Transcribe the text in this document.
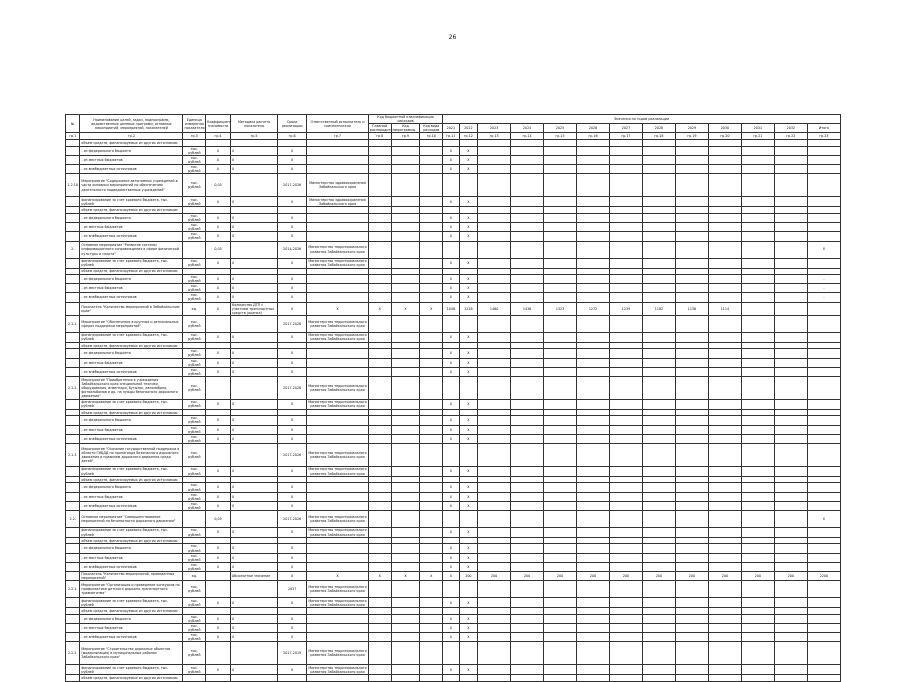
26
№	Наименование целей, задач, подпрограмм, ведомственных целевых программ, основных мероприятий, мероприятий, показателей	Единица измерения показателя	Коэффициент значимости	Методика расчета показателя	Сроки реализации	Ответственный исполнитель и соисполнители	Код бюджетной классификации расходов			Значения по годам реализации												
							Главный распорядитель	Код программы	Код вида расходов	2021	2022	2023	2024	2025	2026	2027	2028	2029	2030	2031	2032	Итого
гр.1	гр.2	гр.3	гр.4	гр.5	гр.6	гр.7	гр.8	гр.9	гр.10	гр.11	гр.12	гр.13	гр.14	гр.15	гр.16	гр.17	гр.18	гр.19	гр.20	гр.21	гр.22	гр.23
	объем средств, финансируемых из других источников:																					
	- из федерального бюджета	тыс. рублей	Х	Х	Х					Х	Х											
	- из местных бюджетов	тыс. рублей	Х	Х	Х					Х	Х											
	- из внебюджетных источников	тыс. рублей	Х	Х	Х					Х	Х											
1.2.10	Мероприятие "Содержание автономных учреждений в части основных мероприятий по обеспечению деятельности подведомственных учреждений"	тыс. рублей	0,05		2017-2026	Министерство здравоохранения Забайкальского края																
	финансирование за счет краевого бюджета, тыс. рублей	тыс. рублей	Х	Х	Х	Министерство здравоохранения Забайкальского края				Х	Х											
	объем средств, финансируемых из других источников:																					
	- из федерального бюджета	тыс. рублей	Х	Х	Х					Х	Х											
	- из местных бюджетов	тыс. рублей	Х	Х	Х					Х	Х											
	- из внебюджетных источников	тыс. рублей	Х	Х	Х					Х	Х											
2.	Основное мероприятие "Развитие системы информационного сопровождения в сфере физической культуры и спорта"		0,05		2014-2026	Министерство территориального развития Забайкальского края																Х
	финансирование за счет краевого бюджета, тыс. рублей	тыс. рублей	Х	Х	Х	Министерство территориального развития Забайкальского края				Х	Х											
	объем средств, финансируемых из других источников:																					
	- из федерального бюджета	тыс. рублей	Х	Х	Х					Х	Х											-
	- из местных бюджетов	тыс. рублей	Х	Х	Х					Х	Х											-
	- из внебюджетных источников	тыс. рублей	Х	Х	Х					Х	Х											-
	Показатель "Количество мероприятий в Забайкальском крае"	ед.	0	Количество ДТП с участием транспортных средств (оценка)	Х	Х	Х	Х	Х	1048	1228	1460	1436	1323	1272	1239	1182	1136	1114			
2.1.1.	Мероприятие "Обеспечение в крупных и региональных сферах поддержки мероприятий"	тыс. рублей			2017-2026	Министерство территориального развития Забайкальского края																
	финансирование за счет краевого бюджета, тыс. рублей	тыс. рублей	Х	Х	Х	Министерство территориального развития Забайкальского края				Х	Х											
	объем средств, финансируемых из других источников:																					
	- из федерального бюджета	тыс. рублей	Х	Х	Х					Х	Х											
	- из местных бюджетов	тыс. рублей	Х	Х	Х					Х	Х											
	- из внебюджетных источников	тыс. рублей	Х	Х	Х					Х	Х											
2.1.2.	Мероприятие "Приобретение в учреждения Забайкальского края специальной техники, оборудования, инвентаря, бутылок, автомобиля, фотоальбомов и др. на нужды безопасного дорожного движения"	тыс. рублей			2017-2026	Министерство территориального развития Забайкальского края																
	финансирование за счет краевого бюджета, тыс. рублей	тыс. рублей	Х	Х	Х	Министерство территориального развития Забайкальского края				Х	Х											
	объем средств, финансируемых из других источников:																					
	- из федерального бюджета	тыс. рублей	Х	Х	Х					Х	Х											
	- из местных бюджетов	тыс. рублей	Х	Х	Х					Х	Х											
	- из внебюджетных источников	тыс. рублей	Х	Х	Х					Х	Х											
2.1.3.	Мероприятие "Оказание государственной поддержки в области ГИБДД по пропаганде безопасного дорожного движения и правилам дорожного движения среди детей"	тыс. рублей			2017-2026	Министерство территориального развития Забайкальского края																
	финансирование за счет краевого бюджета, тыс. рублей	тыс. рублей	Х	Х	Х	Министерство территориального развития Забайкальского края				Х	Х											
	объем средств, финансируемых из других источников:																					
	- из федерального бюджета	тыс. рублей	Х	Х	Х					Х	Х											
	- из местных бюджетов	тыс. рублей	Х	Х	Х					Х	Х											
	- из внебюджетных источников	тыс. рублей	Х	Х	Х					Х	Х											
2.2.	Основное мероприятие "Совершенствование мероприятий по безопасности дорожного движения"		0,05		2017-2026	Министерство территориального развития Забайкальского края																Х
	финансирование за счет краевого бюджета, тыс. рублей	тыс. рублей	Х	Х	Х	Министерство территориального развития Забайкальского края				Х	Х											
	объем средств, финансируемых из других источников:																					
	- из федерального бюджета	тыс. рублей	Х	Х	Х					Х	Х											
	- из местных бюджетов	тыс. рублей	Х	Х	Х					Х	Х											
	- из внебюджетных источников	тыс. рублей	Х	Х	Х					Х	Х											
	Показатель "Количество мероприятий, проведенных мероприятий"	ед.		Абсолютное значение	Х	Х	Х	Х	Х	Х	200	200	200	200	200	200	200	200	200	200	200	2200
2.2.1.	Мероприятие "Организация и проведение конкурсов по профилактике детского дорожно-транспортного травматизма"	тыс. рублей			2017	Министерство территориального развития Забайкальского края																
	финансирование за счет краевого бюджета, тыс. рублей	тыс. рублей	Х	Х	Х	Министерство территориального развития Забайкальского края				Х	Х											
	объем средств, финансируемых из других источников:																					
	- из федерального бюджета	тыс. рублей	Х	Х	Х					Х	Х											
	- из местных бюджетов	тыс. рублей	Х	Х	Х					Х	Х											
	- из внебюджетных источников	тыс. рублей	Х	Х	Х					Х	Х											
2.2.2.	Мероприятие "Строительство дорожных объектов (модернизация) в муниципальных районах Забайкальского края"	тыс. рублей			2017-2019	Министерство территориального развития Забайкальского края																
	финансирование за счет краевого бюджета, тыс. рублей	тыс. рублей	Х	Х	Х	Министерство территориального развития Забайкальского края				Х	Х											
	объем средств, финансируемых из других источников:																					
